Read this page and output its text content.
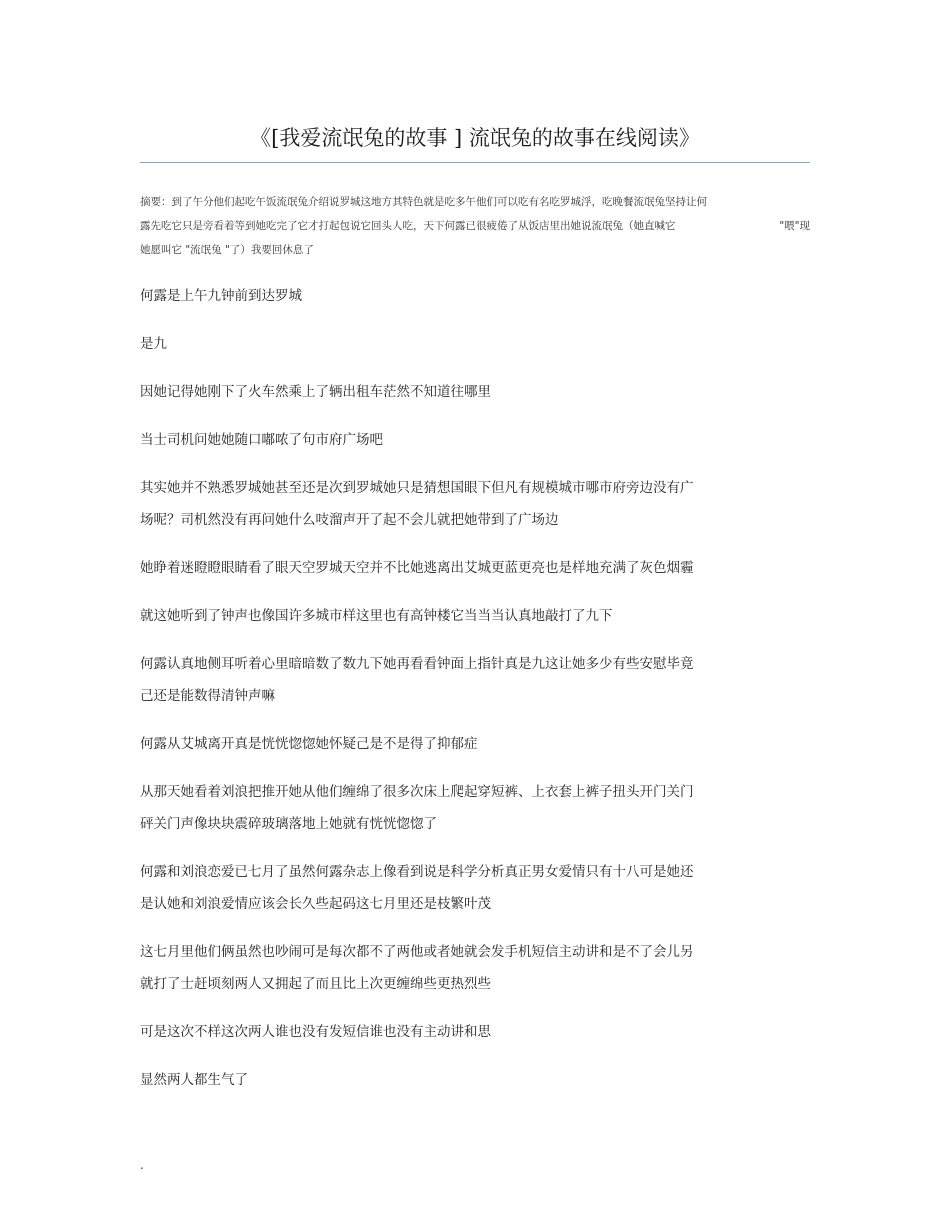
《[我爱流氓兔的故事 ] 流氓兔的故事在线阅读》
摘要：到了午分他们起吃午饭流氓兔介绍说罗城这地方其特色就是吃多午他们可以吃有名吃罗城浮，吃晚餐流氓兔坚持让何
露先吃它只是旁看着等到她吃完了它才打起包说它回头人吃，天下何露已很疲倦了从饭店里出她说流氓兔（她直喊它	"喂"现
她愿叫它 "流氓兔 "了）我要回休息了

何露是上午九钟前到达罗城

是九

因她记得她刚下了火车然乘上了辆出租车茫然不知道往哪里

当士司机问她她随口嘟哝了句市府广场吧

其实她并不熟悉罗城她甚至还是次到罗城她只是猜想国眼下但凡有规模城市哪市府旁边没有广
场呢？司机然没有再问她什么吱溜声开了起不会儿就把她带到了广场边

她睁着迷瞪瞪眼睛看了眼天空罗城天空并不比她逃离出艾城更蓝更亮也是样地充满了灰色烟霾

就这她听到了钟声也像国许多城市样这里也有高钟楼它当当当认真地敲打了九下

何露认真地侧耳听着心里暗暗数了数九下她再看看钟面上指针真是九这让她多少有些安慰毕竟
己还是能数得清钟声嘛

何露从艾城离开真是恍恍惚惚她怀疑己是不是得了抑郁症

从那天她看着刘浪把推开她从他们缠绵了很多次床上爬起穿短裤、上衣套上裤子扭头开门关门
砰关门声像块块震碎玻璃落地上她就有恍恍惚惚了

何露和刘浪恋爱已七月了虽然何露杂志上像看到说是科学分析真正男女爱情只有十八可是她还
是认她和刘浪爱情应该会长久些起码这七月里还是枝繁叶茂

这七月里他们俩虽然也吵闹可是每次都不了两他或者她就会发手机短信主动讲和是不了会儿另
就打了士赶顷刻两人又拥起了而且比上次更缠绵些更热烈些

可是这次不样这次两人谁也没有发短信谁也没有主动讲和思

显然两人都生气了

.
